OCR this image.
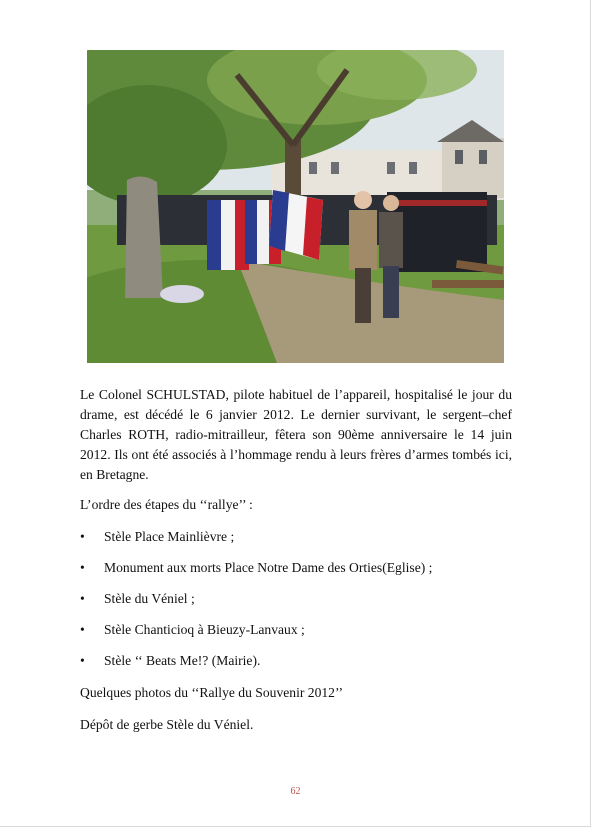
Le Colonel SCHULSTAD, pilote habituel de l’appareil, hospitalisé le jour du drame, est décédé le 6 janvier 2012. Le dernier survivant, le sergent–chef Charles ROTH, radio-mitrailleur, fêtera son 90ème anniversaire le 14 juin 2012. Ils ont été associés à l’hommage rendu à leurs frères d’armes tombés ici, en Bretagne.

L’ordre des étapes du ‘‘rallye’’ :
• Stèle Place Mainlièvre ;
• Monument aux morts Place Notre Dame des Orties(Eglise) ;
• Stèle du Véniel ;
• Stèle Chanticioq à Bieuzy-Lanvaux ;
• Stèle ‘‘ Beats Me!? (Mairie).
Quelques photos du ‘‘Rallye du Souvenir 2012’’
Dépôt de gerbe Stèle du Véniel.
62
